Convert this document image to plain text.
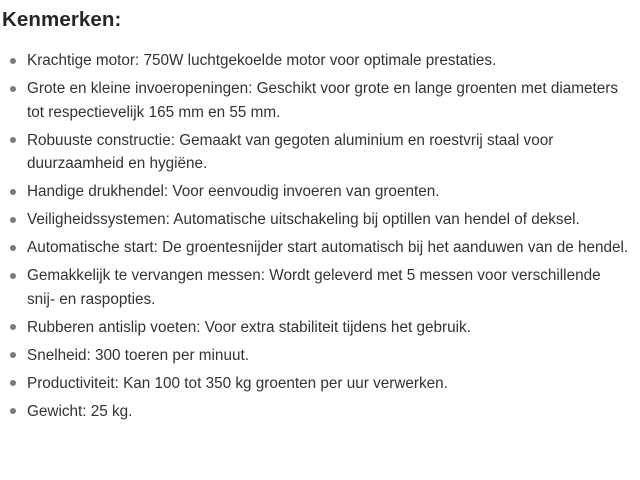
Kenmerken:
Krachtige motor: 750W luchtgekoelde motor voor optimale prestaties.
Grote en kleine invoeropeningen: Geschikt voor grote en lange groenten met diameters tot respectievelijk 165 mm en 55 mm.
Robuuste constructie: Gemaakt van gegoten aluminium en roestvrij staal voor duurzaamheid en hygiëne.
Handige drukhendel: Voor eenvoudig invoeren van groenten.
Veiligheidssystemen: Automatische uitschakeling bij optillen van hendel of deksel.
Automatische start: De groentesnijder start automatisch bij het aanduwen van de hendel.
Gemakkelijk te vervangen messen: Wordt geleverd met 5 messen voor verschillende snij- en raspopties.
Rubberen antislip voeten: Voor extra stabiliteit tijdens het gebruik.
Snelheid: 300 toeren per minuut.
Productiviteit: Kan 100 tot 350 kg groenten per uur verwerken.
Gewicht: 25 kg.
